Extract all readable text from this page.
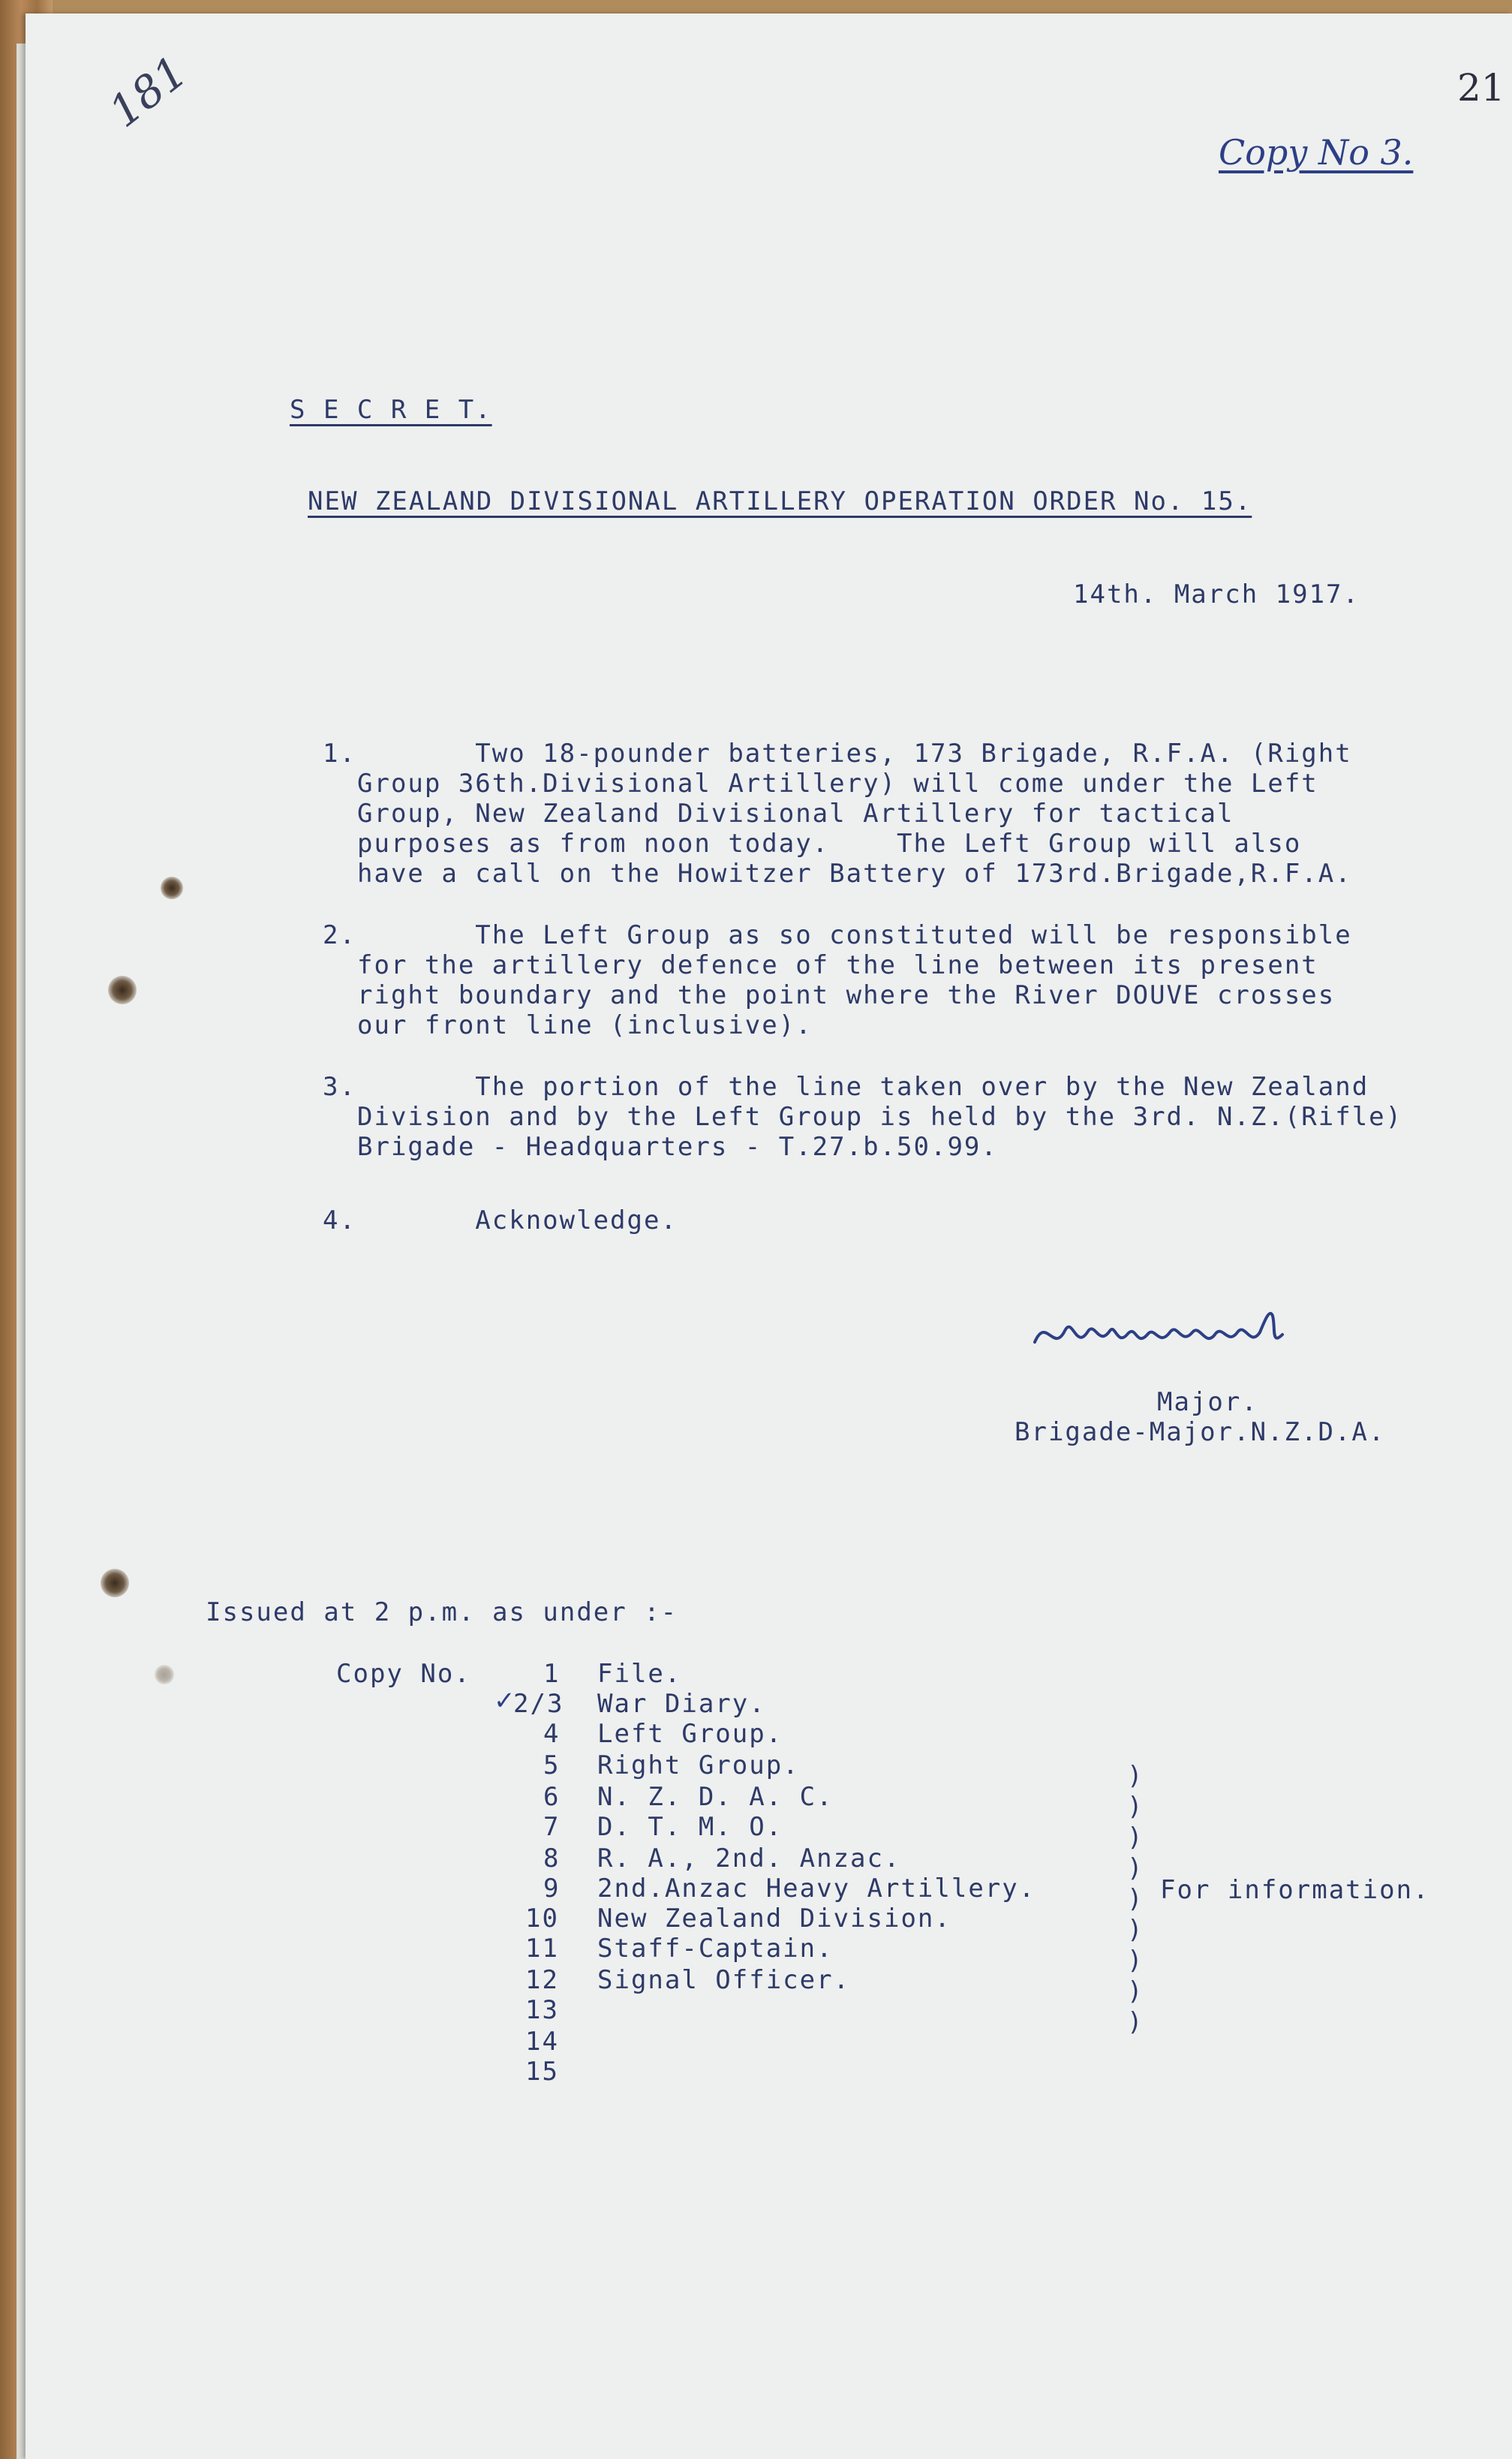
181	21
Copy No 3.
S E C R E T.
NEW ZEALAND DIVISIONAL ARTILLERY OPERATION ORDER No. 15.
14th. March 1917.
1. Two 18-pounder batteries, 173 Brigade, R.F.A. (Right
Group 36th.Divisional Artillery) will come under the Left
Group, New Zealand Divisional Artillery for tactical
purposes as from noon today.    The Left Group will also
have a call on the Howitzer Battery of 173rd.Brigade,R.F.A.
2. The Left Group as so constituted will be responsible
for the artillery defence of the line between its present
right boundary and the point where the River DOUVE crosses
our front line (inclusive).
3. The portion of the line taken over by the New Zealand
Division and by the Left Group is held by the 3rd. N.Z.(Rifle)
Brigade - Headquarters - T.27.b.50.99.
4. Acknowledge.
Major.
Brigade-Major.N.Z.D.A.
Issued at 2 p.m. as under :-
Copy No.	1 File.
✓
2/3 War Diary.
4 Left Group.
5 Right Group.
6 N. Z. D. A. C.
7 D. T. M. O.
8 R. A., 2nd. Anzac.
9 2nd.Anzac Heavy Artillery.
10 New Zealand Division.
11 Staff-Captain.
12 Signal Officer.
13
14
15
)
)
)
)
)
)
)
)
)
For information.
